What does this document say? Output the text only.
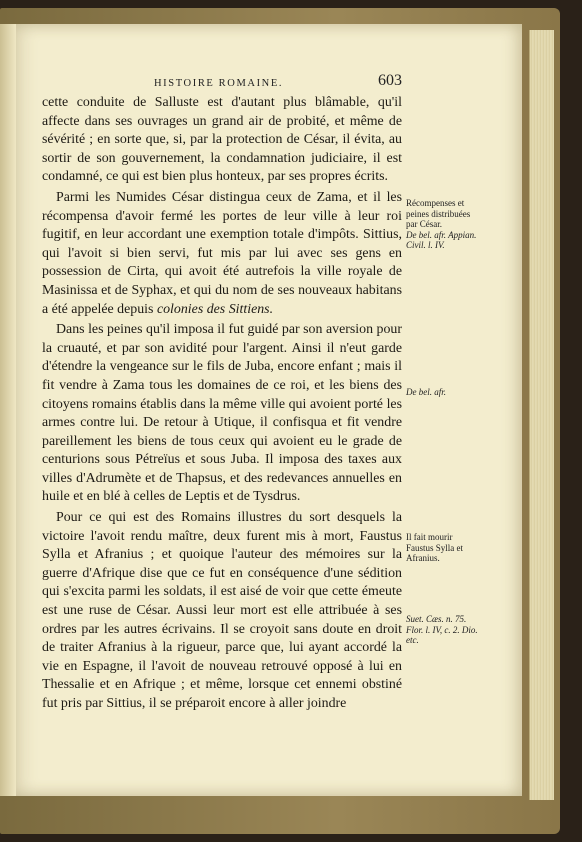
HISTOIRE ROMAINE.	603

cette conduite de Salluste est d'autant plus blâmable, qu'il affecte dans ses ouvrages un grand air de probité, et même de sévérité ; en sorte que, si, par la protection de César, il évita, au sortir de son gouvernement, la condamnation judiciaire, il est condamné, ce qui est bien plus honteux, par ses propres écrits.

Parmi les Numides César distingua ceux de Zama, et il les récompensa d'avoir fermé les portes de leur ville à leur roi fugitif, en leur accordant une exemption totale d'impôts. Sittius, qui l'avoit si bien servi, fut mis par lui avec ses gens en possession de Cirta, qui avoit été autrefois la ville royale de Masinissa et de Syphax, et qui du nom de ses nouveaux habitans a été appelée depuis colonies des Sittiens.

Dans les peines qu'il imposa il fut guidé par son aversion pour la cruauté, et par son avidité pour l'argent. Ainsi il n'eut garde d'étendre la vengeance sur le fils de Juba, encore enfant ; mais il fit vendre à Zama tous les domaines de ce roi, et les biens des citoyens romains établis dans la même ville qui avoient porté les armes contre lui. De retour à Utique, il confisqua et fit vendre pareillement les biens de tous ceux qui avoient eu le grade de centurions sous Pétreïus et sous Juba. Il imposa des taxes aux villes d'Adrumète et de Thapsus, et des redevances annuelles en huile et en blé à celles de Leptis et de Tysdrus.

Pour ce qui est des Romains illustres du sort desquels la victoire l'avoit rendu maître, deux furent mis à mort, Faustus Sylla et Afranius ; et quoique l'auteur des mémoires sur la guerre d'Afrique dise que ce fut en conséquence d'une sédition qui s'excita parmi les soldats, il est aisé de voir que cette émeute est une ruse de César. Aussi leur mort est elle attribuée à ses ordres par les autres écrivains. Il se croyoit sans doute en droit de traiter Afranius à la rigueur, parce que, lui ayant accordé la vie en Espagne, il l'avoit de nouveau retrouvé opposé à lui en Thessalie et en Afrique ; et même, lorsque cet ennemi obstiné fut pris par Sittius, il se préparoit encore à aller joindre

Récompenses et peines distribuées par César.
De bel. afr. Appian. Civil. l. IV.
De bel. afr.
Il fait mourir Faustus Sylla et Afranius.
Suet. Cæs. n. 75. Flor. l. IV, c. 2. Dio. etc.
